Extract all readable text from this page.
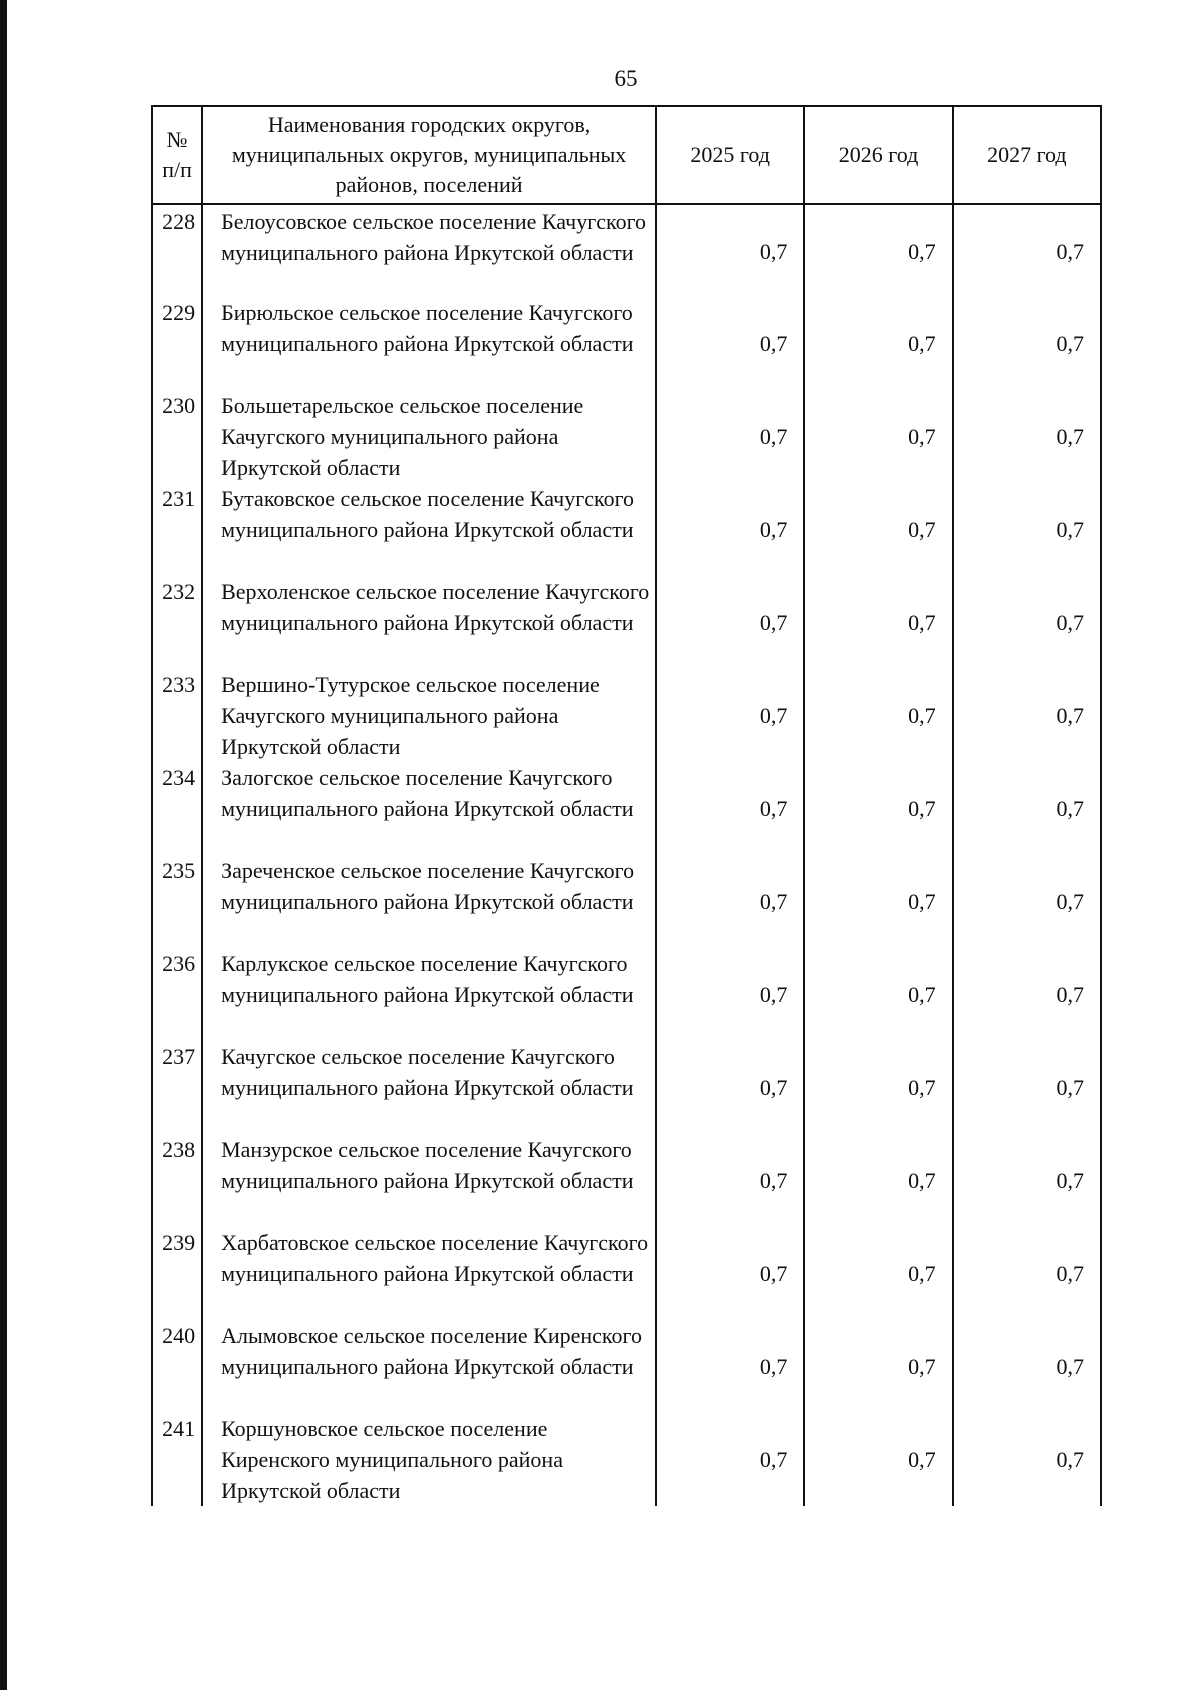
65
№ п/п	Наименования городских округов, муниципальных округов, муниципальных районов, поселений	2025 год	2026 год	2027 год
228	Белоусовское сельское поселение Качугского муниципального района Иркутской области	0,7	0,7	0,7
229	Бирюльское сельское поселение Качугского муниципального района Иркутской области	0,7	0,7	0,7
230	Большетарельское сельское поселение Качугского муниципального района Иркутской области	0,7	0,7	0,7
231	Бутаковское сельское поселение Качугского муниципального района Иркутской области	0,7	0,7	0,7
232	Верхоленское сельское поселение Качугского муниципального района Иркутской области	0,7	0,7	0,7
233	Вершино-Тутурское сельское поселение Качугского муниципального района Иркутской области	0,7	0,7	0,7
234	Залогское сельское поселение Качугского муниципального района Иркутской области	0,7	0,7	0,7
235	Зареченское сельское поселение Качугского муниципального района Иркутской области	0,7	0,7	0,7
236	Карлукское сельское поселение Качугского муниципального района Иркутской области	0,7	0,7	0,7
237	Качугское сельское поселение Качугского муниципального района Иркутской области	0,7	0,7	0,7
238	Манзурское сельское поселение Качугского муниципального района Иркутской области	0,7	0,7	0,7
239	Харбатовское сельское поселение Качугского муниципального района Иркутской области	0,7	0,7	0,7
240	Алымовское сельское поселение Киренского муниципального района Иркутской области	0,7	0,7	0,7
241	Коршуновское сельское поселение Киренского муниципального района Иркутской области	0,7	0,7	0,7
